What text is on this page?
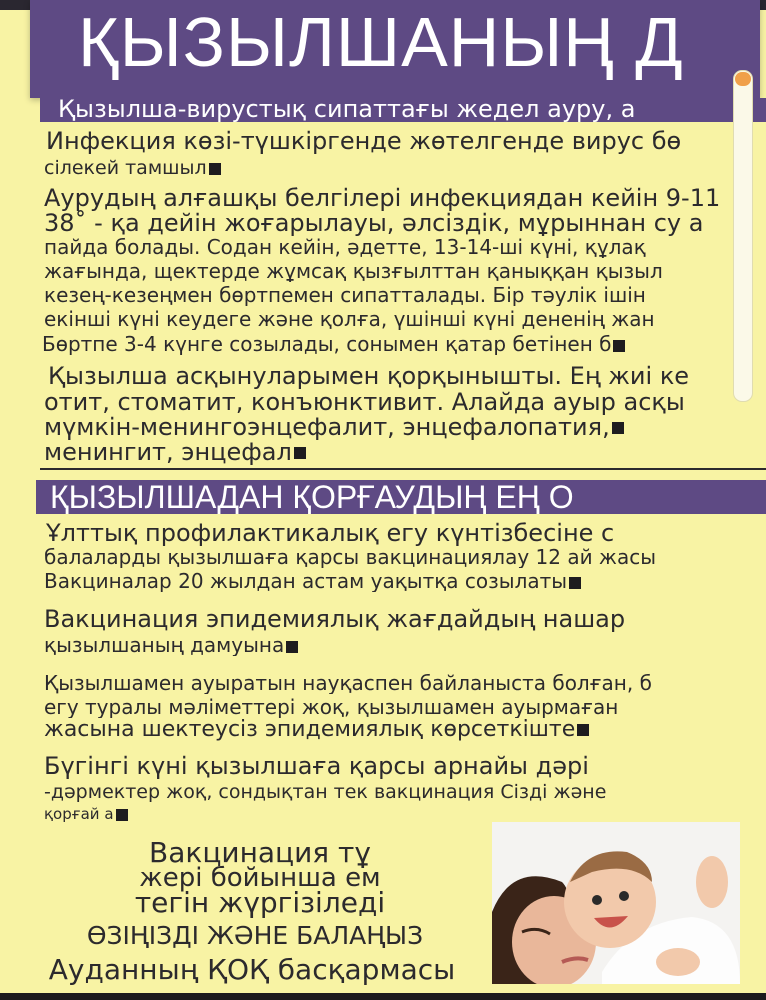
ҚЫЗЫЛШАНЫҢ Д
Қызылша-вирустық сипаттағы жедел ауру, а
Инфекция көзі-түшкіргенде жөтелгенде вирус бө
сілекей тамшыл
Аурудың алғашқы белгілері инфекциядан кейін 9-11
38˚ - қа дейін жоғарылауы, әлсіздік, мұрыннан су а
пайда болады. Содан кейін, әдетте, 13-14-ші күні, құлақ
жағында, щектерде жұмсақ қызғылттан қаныққан қызыл
кезең-кезеңмен бөртпемен сипатталады. Бір тәулік ішін
екінші күні кеудеге және қолға, үшінші күні дененің жан
Бөртпе 3-4 күнге созылады, сонымен қатар бетінен б
Қызылша асқынуларымен қорқынышты. Ең жиі ке
отит, стоматит, конъюнктивит. Алайда ауыр асқы
мүмкін-менингоэнцефалит, энцефалопатия,
менингит, энцефал
ҚЫЗЫЛШАДАН ҚОРҒАУДЫҢ ЕҢ О
Ұлттық профилактикалық егу күнтізбесіне с
балаларды қызылшаға қарсы вакцинациялау 12 ай жасы
Вакциналар 20 жылдан астам уақытқа созылаты
Вакцинация эпидемиялық жағдайдың нашар
қызылшаның дамуына
Қызылшамен ауыратын науқаспен байланыста болған, б
егу туралы мәліметтері жоқ, қызылшамен ауырмаған
жасына шектеусіз эпидемиялық көрсеткіште
Бүгінгі күні қызылшаға қарсы арнайы дәрі
-дәрмектер жоқ, сондықтан тек вакцинация Сізді және
қорғай а
Вакцинация тұ
жері бойынша ем
тегін жүргізіледі
ӨЗІҢІЗДІ ЖӘНЕ БАЛАҢЫЗ
Ауданның ҚОҚ басқармасы
